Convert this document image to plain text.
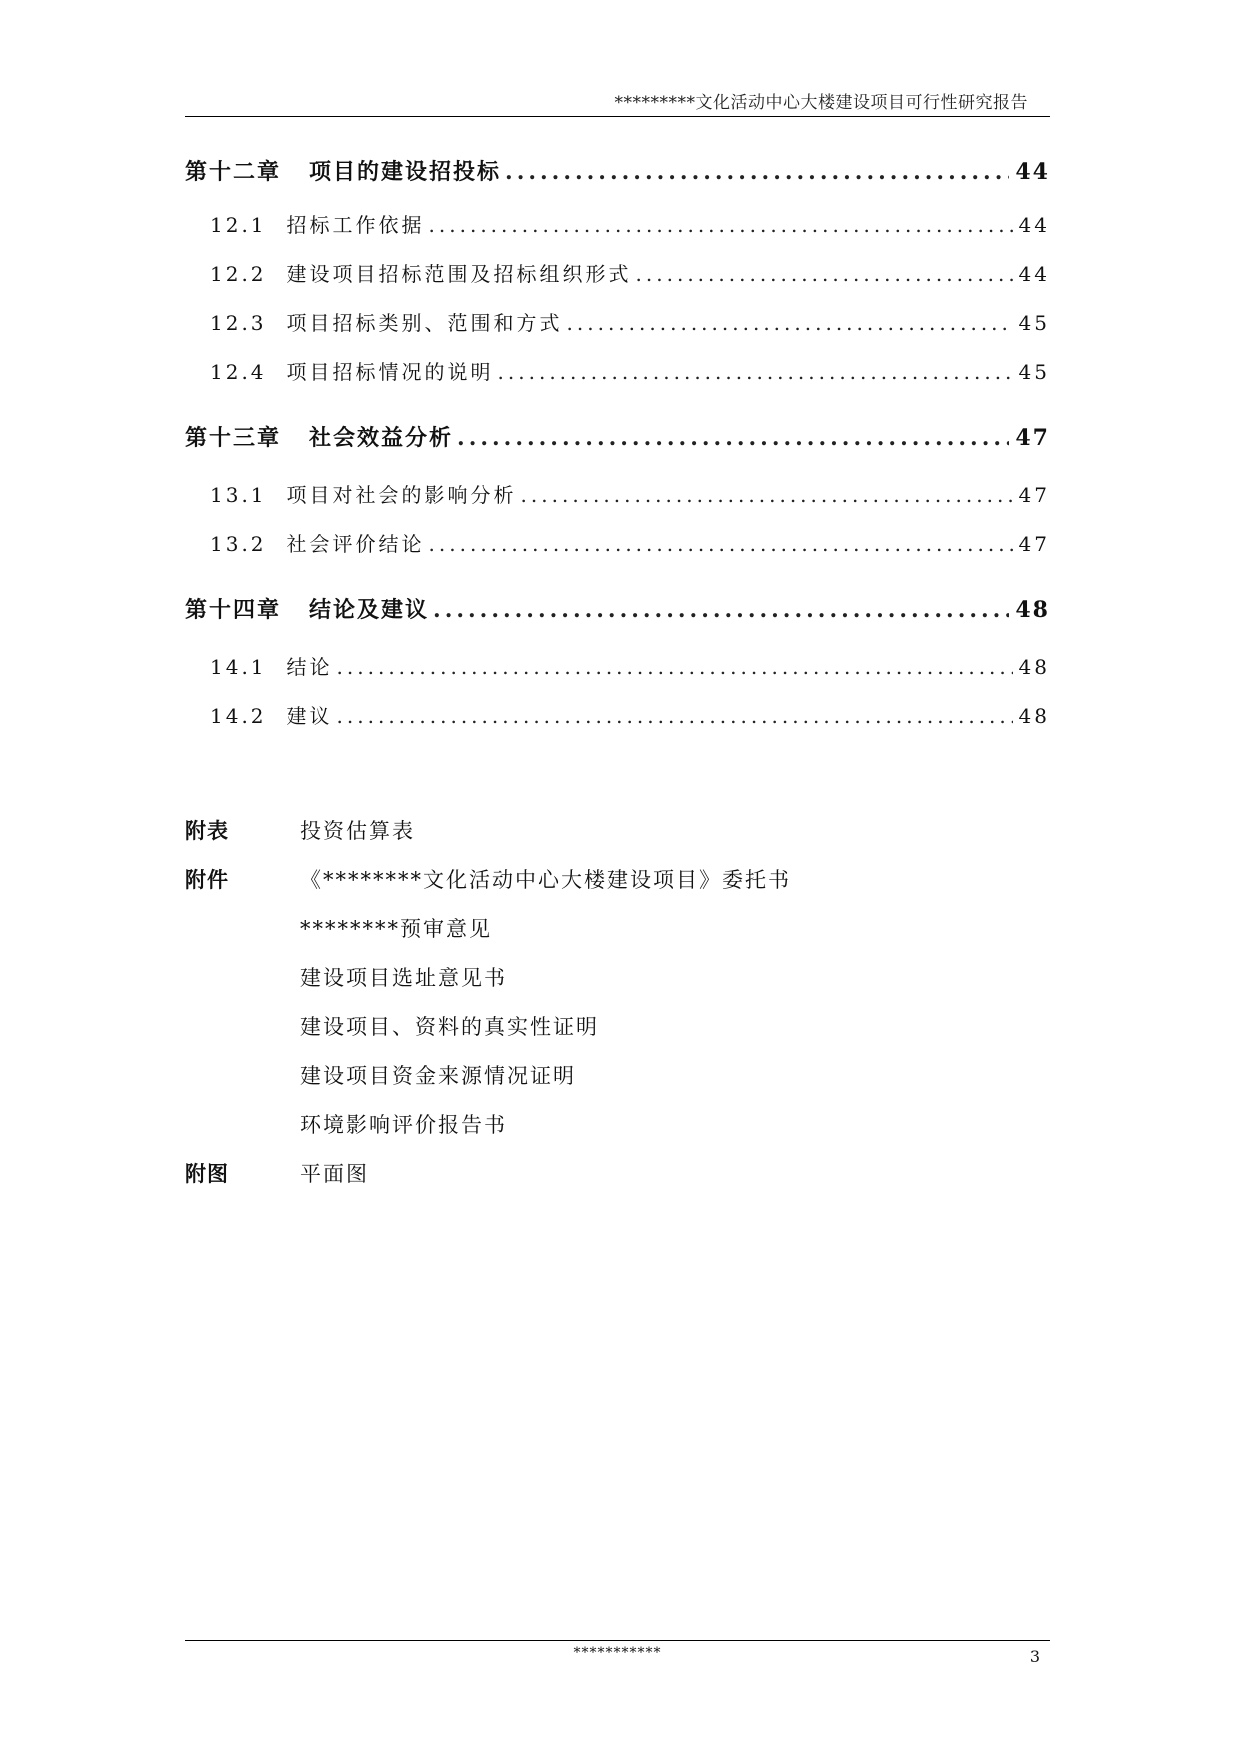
*********文化活动中心大楼建设项目可行性研究报告
第十二章 项目的建设招投标 .....	44
12.1 招标工作依据 .....	44
12.2 建设项目招标范围及招标组织形式 .....	44
12.3 项目招标类别、范围和方式 .....	45
12.4 项目招标情况的说明 .....	45
第十三章 社会效益分析 .....	47
13.1 项目对社会的影响分析 .....	47
13.2 社会评价结论 .....	47
第十四章 结论及建议 .....	48
14.1 结论 .....	48
14.2 建议 .....	48
附表	投资估算表
附件	《********文化活动中心大楼建设项目》委托书
********预审意见
建设项目选址意见书
建设项目、资料的真实性证明
建设项目资金来源情况证明
环境影响评价报告书
附图	平面图
***********	3
